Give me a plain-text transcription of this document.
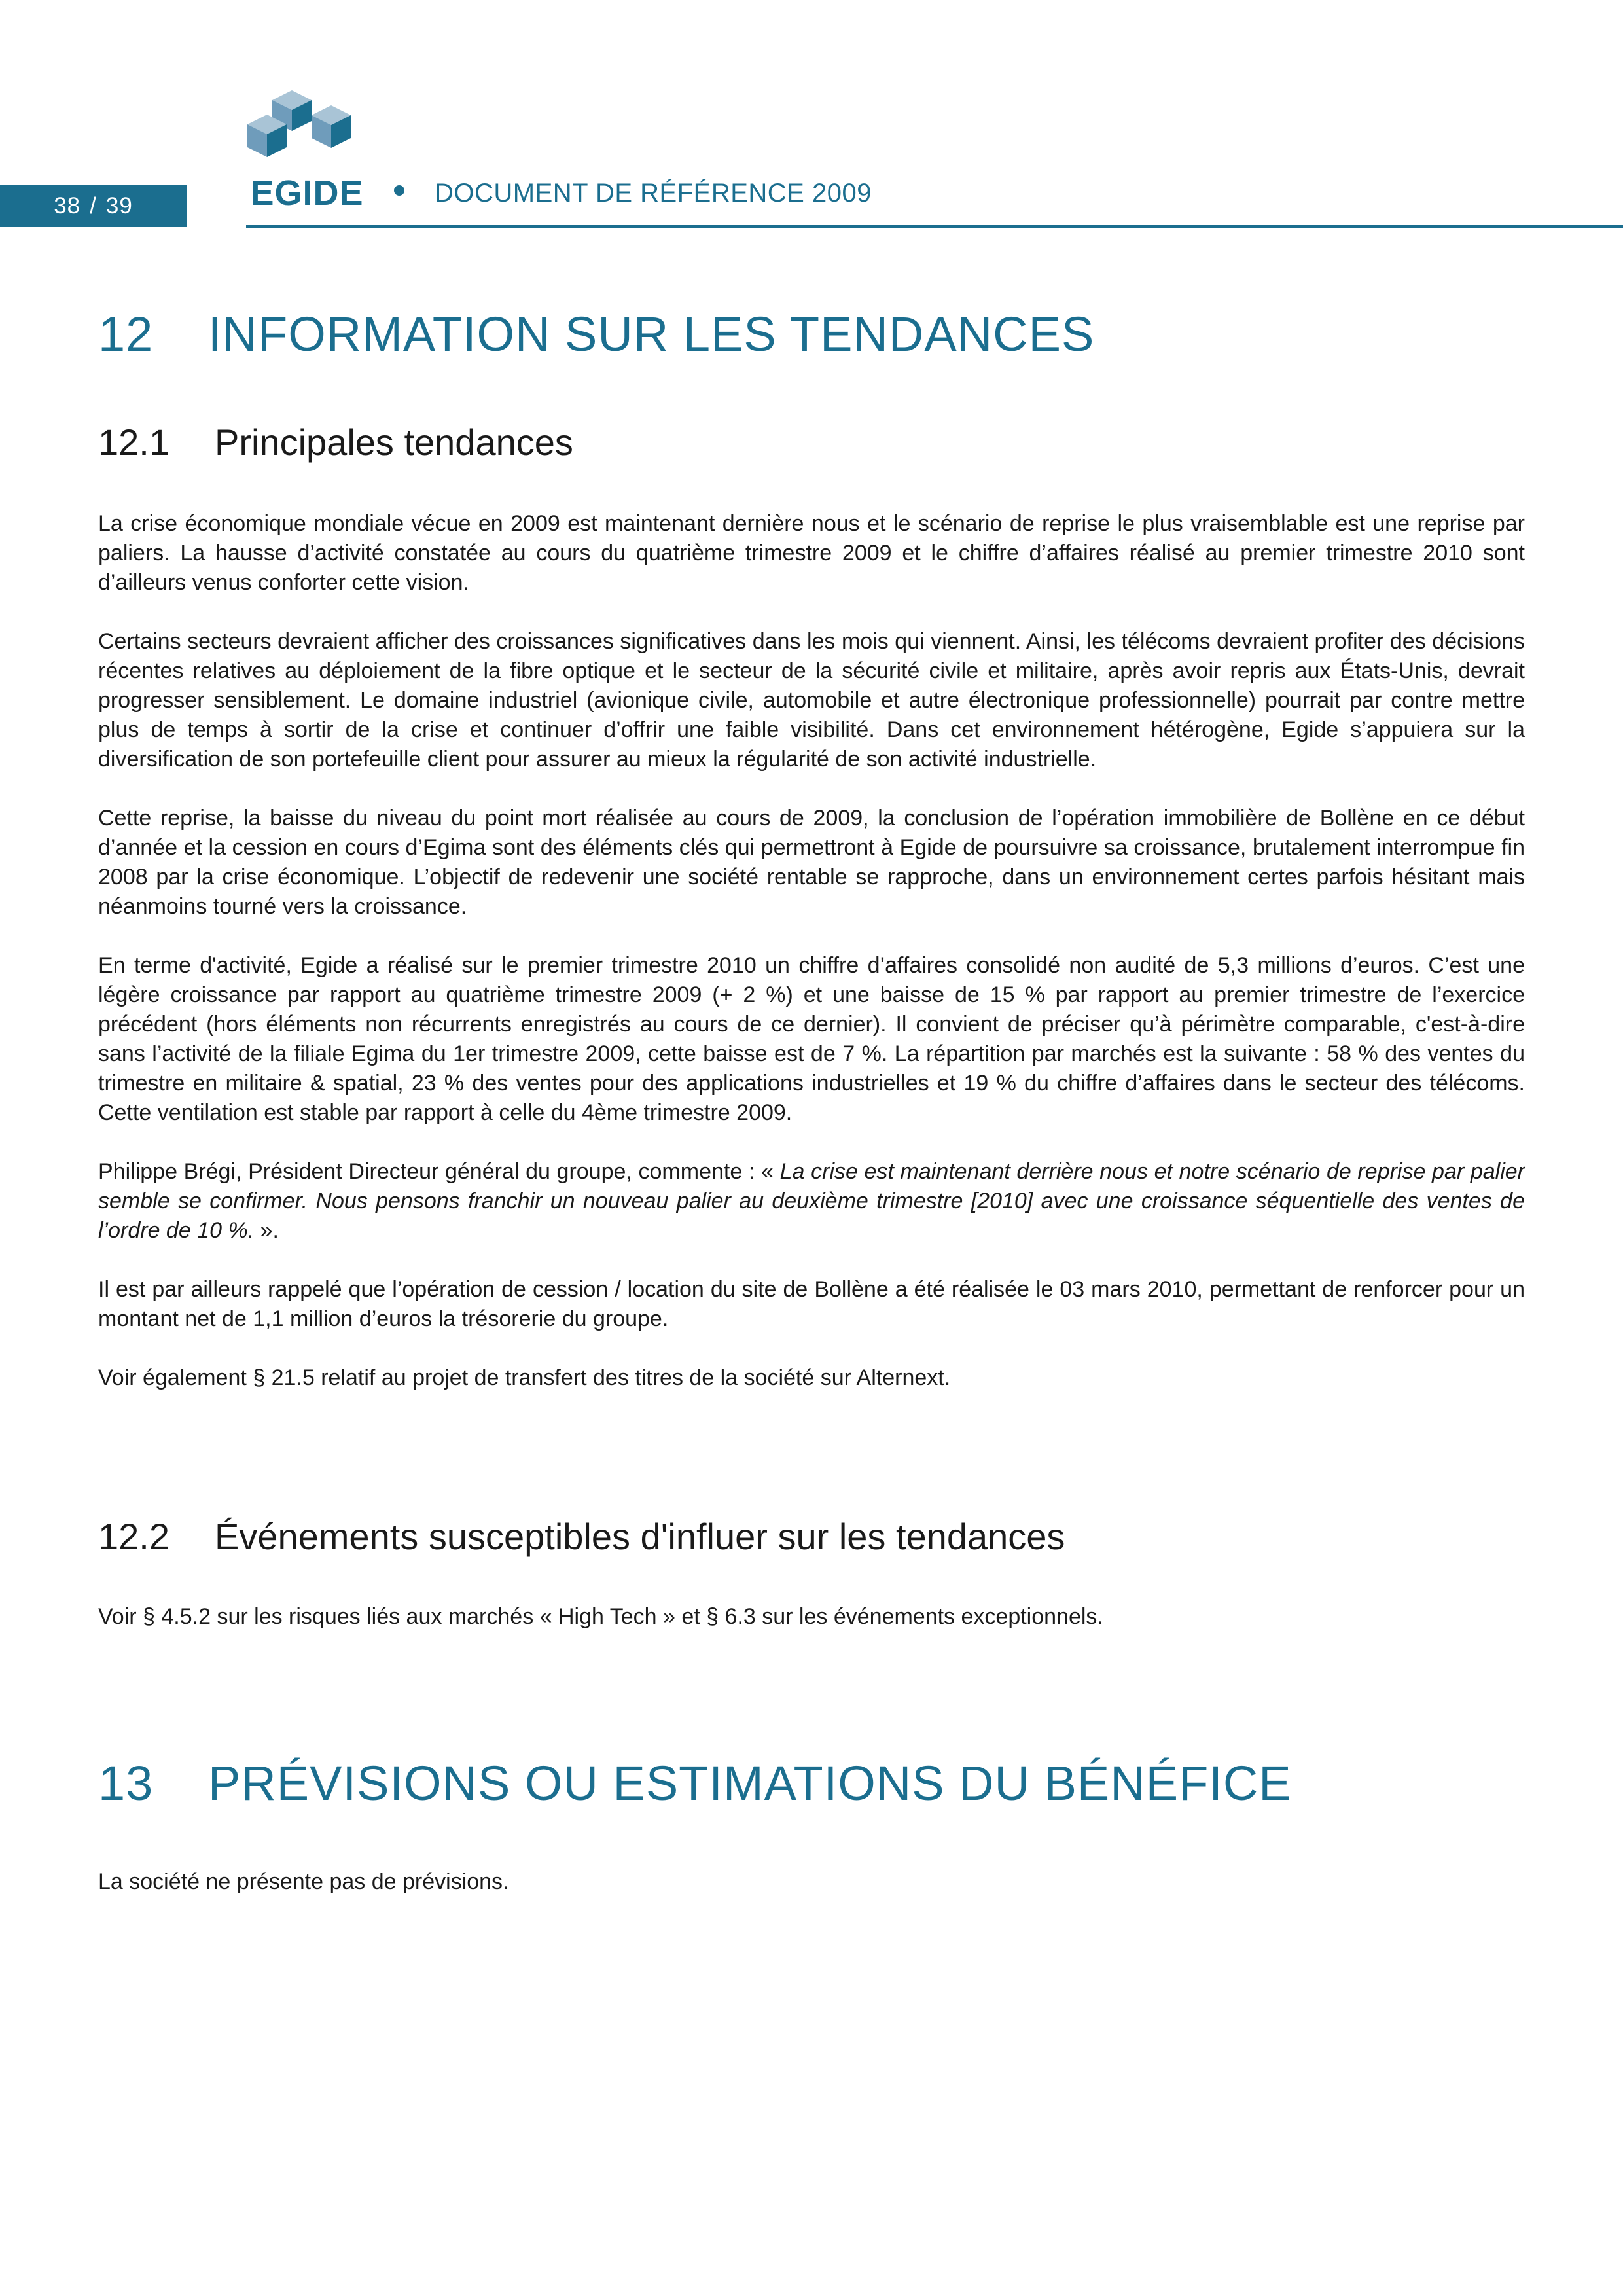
38 / 39	EGIDE	DOCUMENT DE RÉFÉRENCE 2009
12 INFORMATION SUR LES TENDANCES
12.1 Principales tendances

La crise économique mondiale vécue en 2009 est maintenant dernière nous et le scénario de reprise le plus vraisemblable est une reprise par paliers. La hausse d’activité constatée au cours du quatrième trimestre 2009 et le chiffre d’affaires réalisé au premier trimestre 2010 sont d’ailleurs venus conforter cette vision.

Certains secteurs devraient afficher des croissances significatives dans les mois qui viennent. Ainsi, les télécoms devraient profiter des décisions récentes relatives au déploiement de la fibre optique et le secteur de la sécurité civile et militaire, après avoir repris aux États-Unis, devrait progresser sensiblement. Le domaine industriel (avionique civile, automobile et autre électronique professionnelle) pourrait par contre mettre plus de temps à sortir de la crise et continuer d’offrir une faible visibilité. Dans cet environnement hétérogène, Egide s’appuiera sur la diversification de son portefeuille client pour assurer au mieux la régularité de son activité industrielle.

Cette reprise, la baisse du niveau du point mort réalisée au cours de 2009, la conclusion de l’opération immobilière de Bollène en ce début d’année et la cession en cours d’Egima sont des éléments clés qui permettront à Egide de poursuivre sa croissance, brutalement interrompue fin 2008 par la crise économique. L’objectif de redevenir une société rentable se rapproche, dans un environnement certes parfois hésitant mais néanmoins tourné vers la croissance.

En terme d'activité, Egide a réalisé sur le premier trimestre 2010 un chiffre d’affaires consolidé non audité de 5,3 millions d’euros. C’est une légère croissance par rapport au quatrième trimestre 2009 (+ 2 %) et une baisse de 15 % par rapport au premier trimestre de l’exercice précédent (hors éléments non récurrents enregistrés au cours de ce dernier). Il convient de préciser qu’à périmètre comparable, c'est-à-dire sans l’activité de la filiale Egima du 1er trimestre 2009, cette baisse est de 7 %. La répartition par marchés est la suivante : 58 % des ventes du trimestre en militaire & spatial, 23 % des ventes pour des applications industrielles et 19 % du chiffre d’affaires dans le secteur des télécoms. Cette ventilation est stable par rapport à celle du 4ème trimestre 2009.

Philippe Brégi, Président Directeur général du groupe, commente : « La crise est maintenant derrière nous et notre scénario de reprise par palier semble se confirmer. Nous pensons franchir un nouveau palier au deuxième trimestre [2010] avec une croissance séquentielle des ventes de l’ordre de 10 %. ».

Il est par ailleurs rappelé que l’opération de cession / location du site de Bollène a été réalisée le 03 mars 2010, permettant de renforcer pour un montant net de 1,1 million d’euros la trésorerie du groupe.

Voir également § 21.5 relatif au projet de transfert des titres de la société sur Alternext.

12.2 Événements susceptibles d'influer sur les tendances

Voir § 4.5.2 sur les risques liés aux marchés « High Tech » et § 6.3 sur les événements exceptionnels.

13 PRÉVISIONS OU ESTIMATIONS DU BÉNÉFICE

La société ne présente pas de prévisions.
